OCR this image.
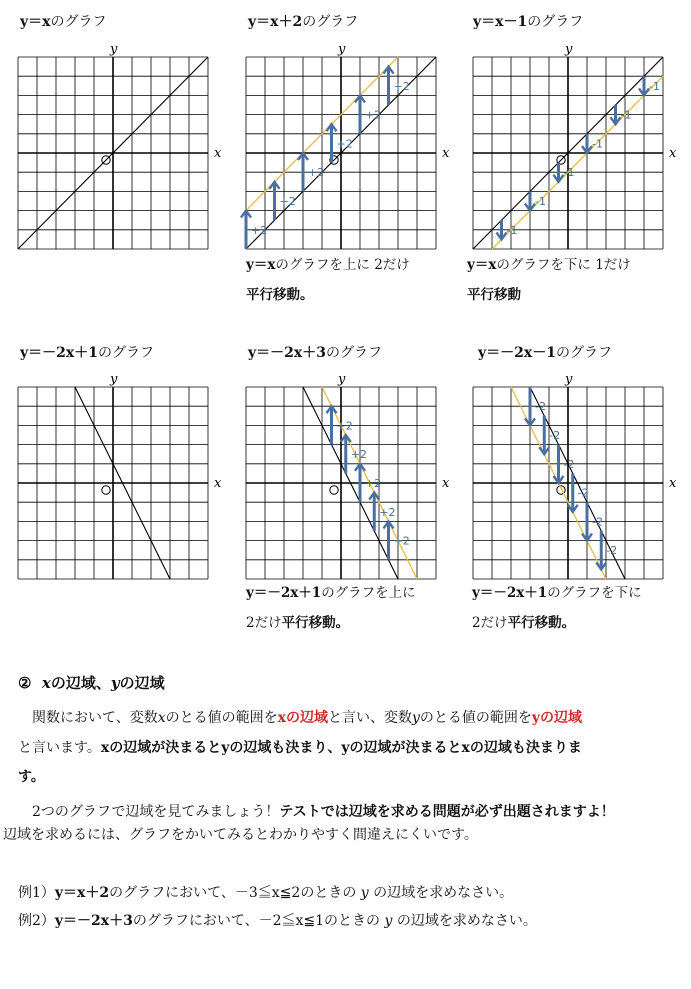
y＝xのグラフ	y＝x＋2のグラフ	y＝x－1のグラフ
y＝－2x＋1のグラフ	y＝－2x＋3のグラフ	y＝－2x－1のグラフ
y
x
y
x
+2
+2
+2
+2
+2
+2
y
x
-1
-1
-1
-1
-1
-1
y
x
y
x
+2
+2
+2
+2
+2
y
x
-2
-2
-2
-2
-2
-2
y＝xのグラフを上に 2だけ
平行移動。
y＝xのグラフを下に 1だけ
平行移動
y＝－2x＋1のグラフを上に
2だけ平行移動。
y＝－2x＋1のグラフを下に
2だけ平行移動。
② xの辺域、yの辺域
関数において、変数xのとる値の範囲をxの辺域と言い、変数yのとる値の範囲をyの辺域
と言います。xの辺域が決まるとyの辺域も決まり、yの辺域が決まるとxの辺域も決まりま
す。
2つのグラフで辺域を見てみましょう！テストでは辺域を求める問題が必ず出題されますよ！
辺域を求めるには、グラフをかいてみるとわかりやすく間違えにくいです。
例1）y＝x＋2のグラフにおいて、－3≦x≦2のときの y の辺域を求めなさい。
例2）y＝－2x＋3のグラフにおいて、－2≦x≦1のときの y の辺域を求めなさい。
